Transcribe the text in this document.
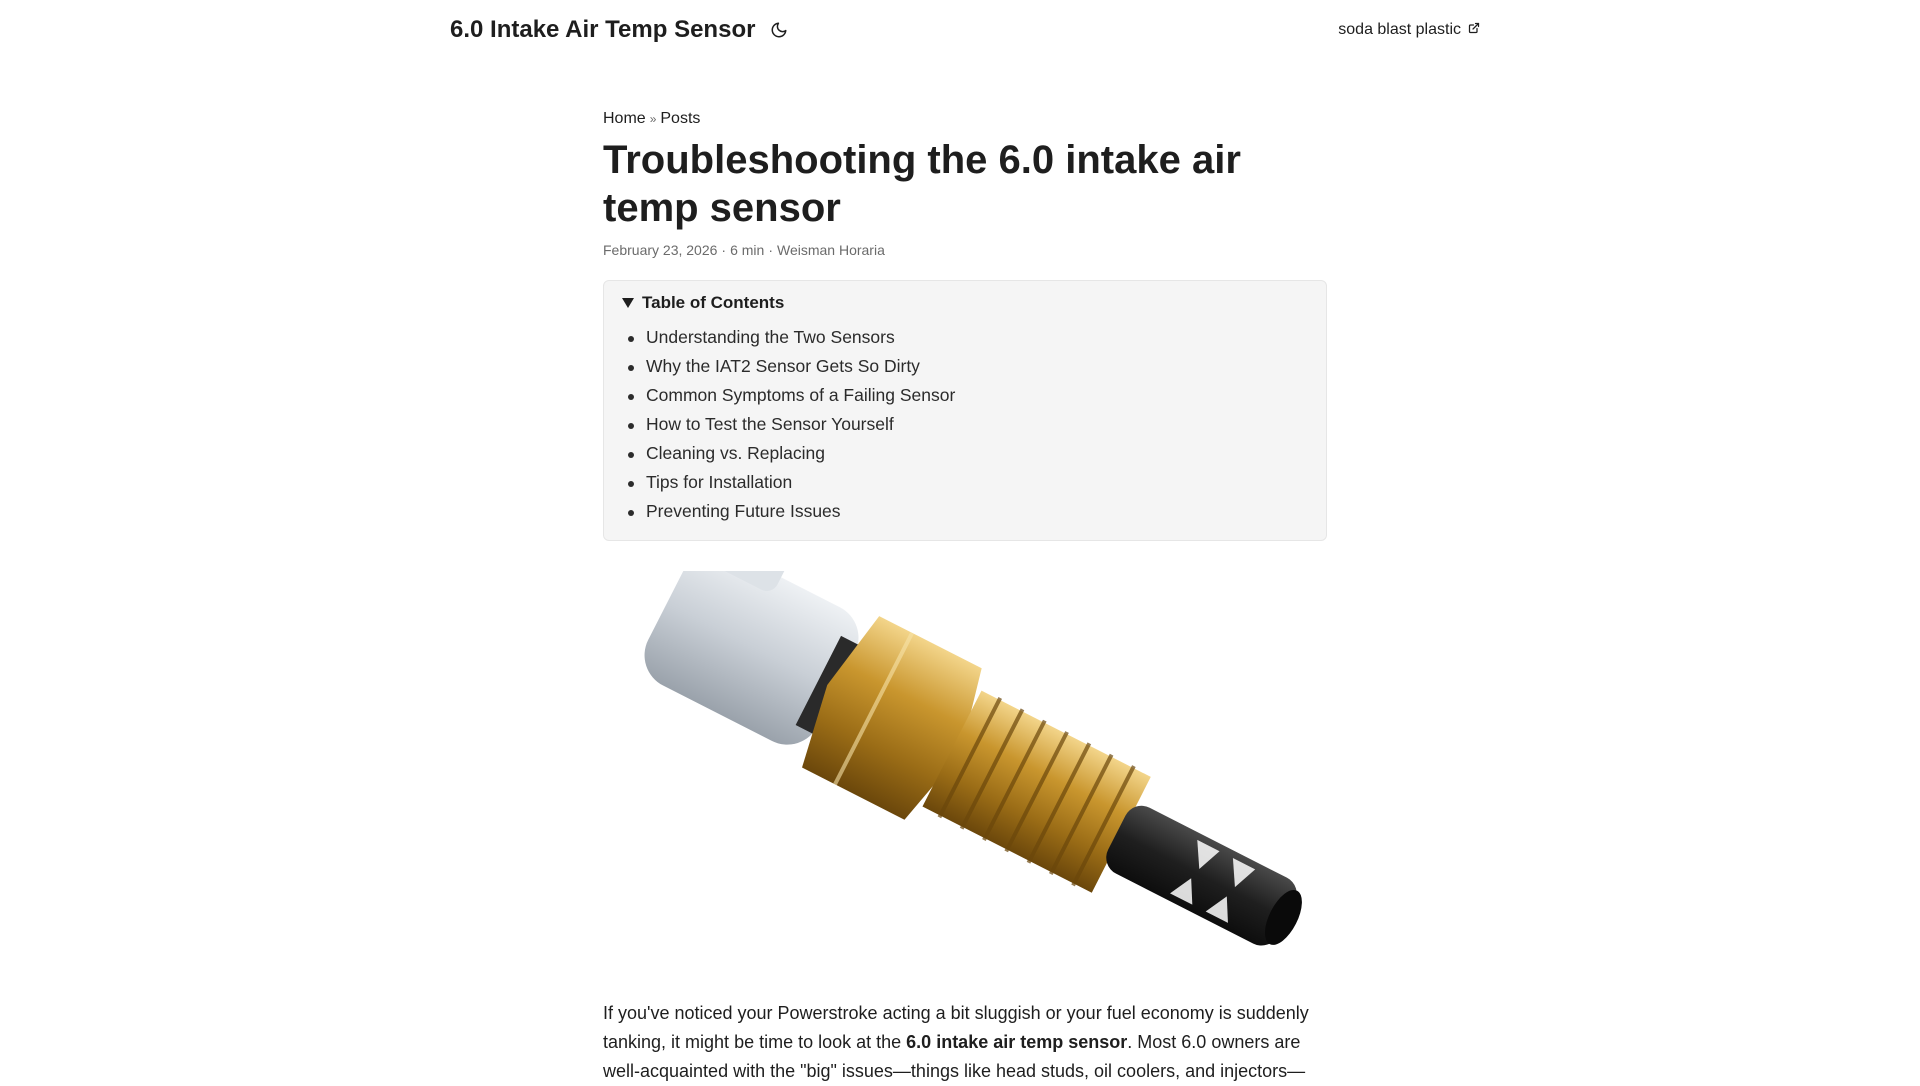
6.0 Intake Air Temp Sensor	soda blast plastic
Home » Posts
Troubleshooting the 6.0 intake air temp sensor
February 23, 2026 · 6 min · Weisman Horaria
Table of Contents
Understanding the Two Sensors
Why the IAT2 Sensor Gets So Dirty
Common Symptoms of a Failing Sensor
How to Test the Sensor Yourself
Cleaning vs. Replacing
Tips for Installation
Preventing Future Issues

If you've noticed your Powerstroke acting a bit sluggish or your fuel economy is suddenly tanking, it might be time to look at the 6.0 intake air temp sensor. Most 6.0 owners are well-acquainted with the "big" issues—things like head studs, oil coolers, and injectors—
